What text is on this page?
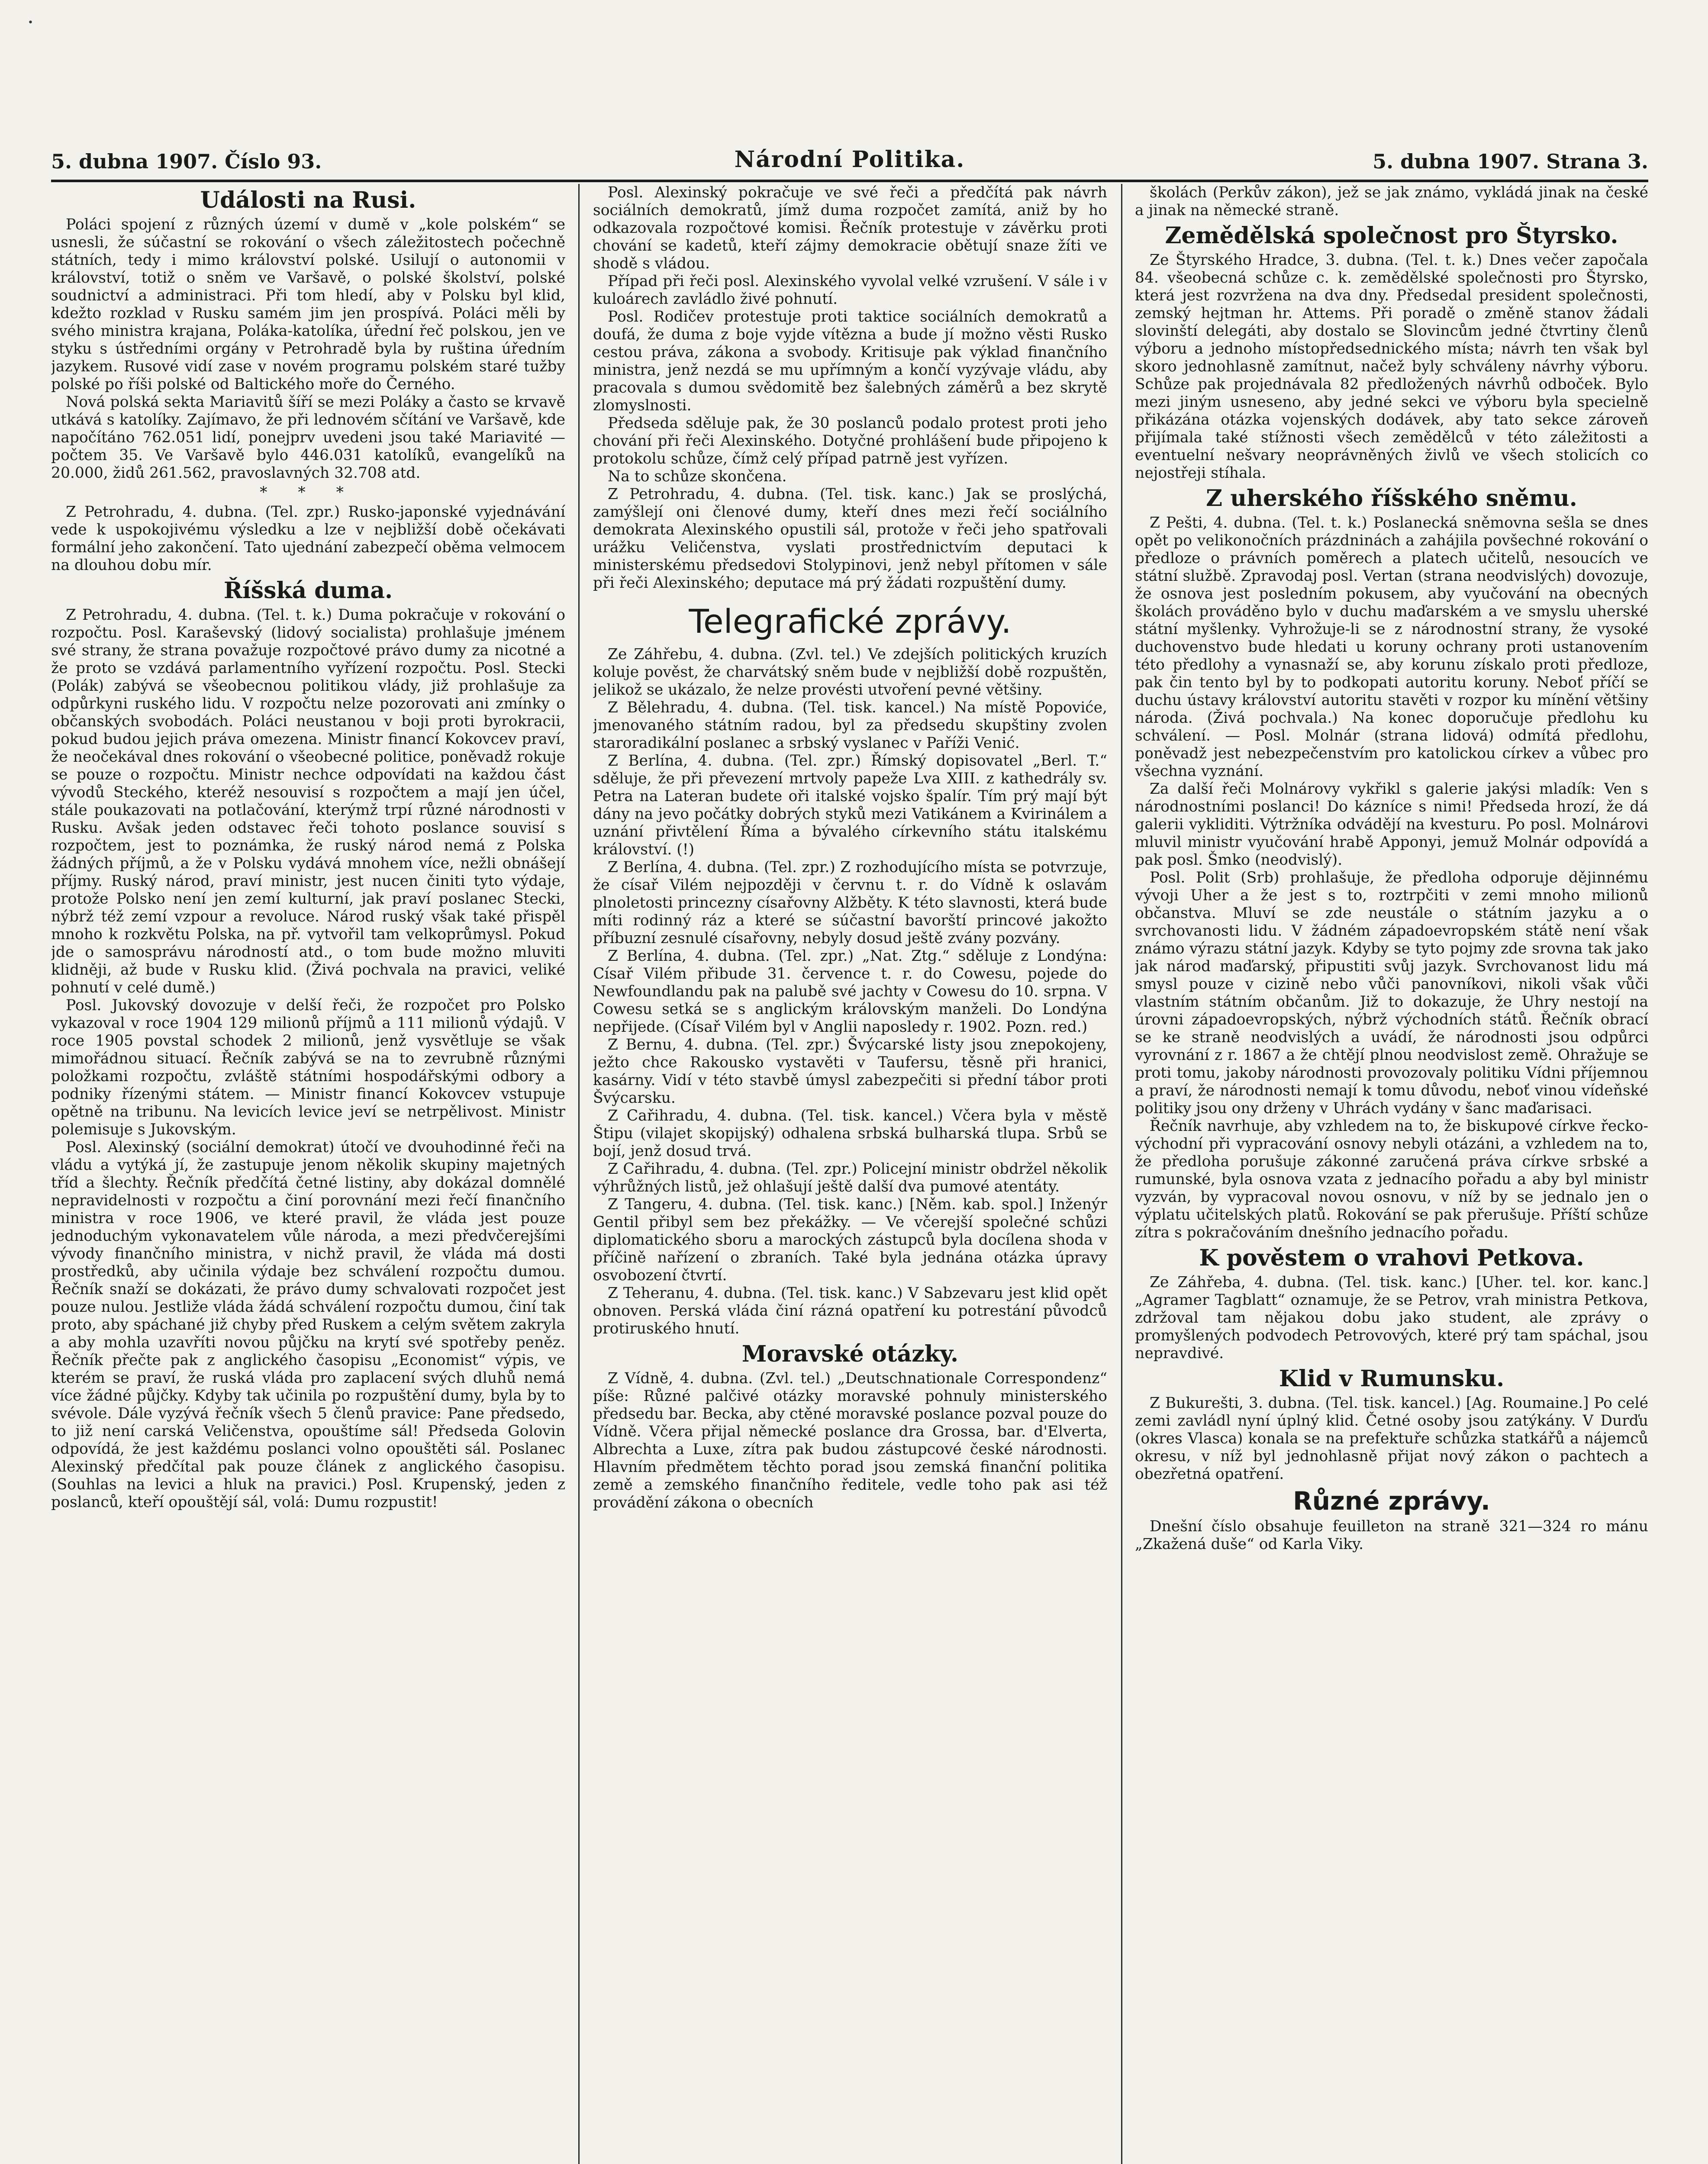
•
5. dubna 1907. Číslo 93.	Národní Politika.	5. dubna 1907. Strana 3.
Události na Rusi.

Poláci spojení z různých území v dumě v „kole polském“ se usnesli, že súčastní se rokování o všech záležitostech počechně státních, tedy i mimo království polské. Usilují o autonomii v království, totiž o sněm ve Varšavě, o polské školství, polské soudnictví a administraci. Při tom hledí, aby v Polsku byl klid, kdežto rozklad v Rusku samém jim jen prospívá. Poláci měli by svého ministra krajana, Poláka-katolíka, úřední řeč polskou, jen ve styku s ústředními orgány v Petrohradě byla by ruština úředním jazykem. Rusové vidí zase v novém programu polském staré tužby polské po říši polské od Baltického moře do Černého.

Nová polská sekta Mariavitů šíří se mezi Poláky a často se krvavě utkává s katolíky. Zajímavo, že při lednovém sčítání ve Varšavě, kde napočítáno 762.051 lidí, ponejprv uvedeni jsou také Mariavité — počtem 35. Ve Varšavě bylo 446.031 katolíků, evangelíků na 20.000, židů 261.562, pravoslavných 32.708 atd.

* * *

Z Petrohradu, 4. dubna. (Tel. zpr.) Rusko-japonské vyjednávání vede k uspokojivému výsledku a lze v nejbližší době očekávati formální jeho zakončení. Tato ujednání zabezpečí oběma velmocem na dlouhou dobu mír.

Říšská duma.

Z Petrohradu, 4. dubna. (Tel. t. k.) Duma pokračuje v rokování o rozpočtu. Posl. Karaševský (lidový socialista) prohlašuje jménem své strany, že strana považuje rozpočtové právo dumy za nicotné a že proto se vzdává parlamentního vyřízení rozpočtu. Posl. Stecki (Polák) zabývá se všeobecnou politikou vlády, již prohlašuje za odpůrkyni ruského lidu. V rozpočtu nelze pozorovati ani zmínky o občanských svobodách. Poláci neustanou v boji proti byrokracii, pokud budou jejich práva omezena. Ministr financí Kokovcev praví, že neočekával dnes rokování o všeobecné politice, poněvadž rokuje se pouze o rozpočtu. Ministr nechce odpovídati na každou část vývodů Steckého, kteréž nesouvisí s rozpočtem a mají jen účel, stále poukazovati na potlačování, kterýmž trpí různé národnosti v Rusku. Avšak jeden odstavec řeči tohoto poslance souvisí s rozpočtem, jest to poznámka, že ruský národ nemá z Polska žádných příjmů, a že v Polsku vydává mnohem více, nežli obnášejí příjmy. Ruský národ, praví ministr, jest nucen činiti tyto výdaje, protože Polsko není jen zemí kulturní, jak praví poslanec Stecki, nýbrž též zemí vzpour a revoluce. Národ ruský však také přispěl mnoho k rozkvětu Polska, na př. vytvořil tam velkoprůmysl. Pokud jde o samosprávu národností atd., o tom bude možno mluviti klidněji, až bude v Rusku klid. (Živá pochvala na pravici, veliké pohnutí v celé dumě.)

Posl. Jukovský dovozuje v delší řeči, že rozpočet pro Polsko vykazoval v roce 1904 129 milionů příjmů a 111 milionů výdajů. V roce 1905 povstal schodek 2 milionů, jenž vysvětluje se však mimořádnou situací. Řečník zabývá se na to zevrubně různými položkami rozpočtu, zvláště státními hospodářskými odbory a podniky řízenými státem. — Ministr financí Kokovcev vstupuje opětně na tribunu. Na levicích levice jeví se netrpělivost. Ministr polemisuje s Jukovským.

Posl. Alexinský (sociální demokrat) útočí ve dvouhodinné řeči na vládu a vytýká jí, že zastupuje jenom několik skupiny majetných tříd a šlechty. Řečník předčítá četné listiny, aby dokázal domnělé nepravidelnosti v rozpočtu a činí porovnání mezi řečí finančního ministra v roce 1906, ve které pravil, že vláda jest pouze jednoduchým vykonavatelem vůle národa, a mezi předvčerejšími vývody finančního ministra, v nichž pravil, že vláda má dosti prostředků, aby učinila výdaje bez schválení rozpočtu dumou. Řečník snaží se dokázati, že právo dumy schvalovati rozpočet jest pouze nulou. Jestliže vláda žádá schválení rozpočtu dumou, činí tak proto, aby spáchané již chyby před Ruskem a celým světem zakryla a aby mohla uzavříti novou půjčku na krytí své spotřeby peněz. Řečník přečte pak z anglického časopisu „Economist“ výpis, ve kterém se praví, že ruská vláda pro zaplacení svých dluhů nemá více žádné půjčky. Kdyby tak učinila po rozpuštění dumy, byla by to svévole. Dále vyzývá řečník všech 5 členů pravice: Pane předsedo, to již není carská Veličenstva, opouštíme sál! Předseda Golovin odpovídá, že jest každému poslanci volno opouštěti sál. Poslanec Alexinský předčítal pak pouze článek z anglického časopisu. (Souhlas na levici a hluk na pravici.) Posl. Krupenský, jeden z poslanců, kteří opouštějí sál, volá: Dumu rozpustit!

Posl. Alexinský pokračuje ve své řeči a předčítá pak návrh sociálních demokratů, jímž duma rozpočet zamítá, aniž by ho odkazovala rozpočtové komisi. Řečník protestuje v závěrku proti chování se kadetů, kteří zájmy demokracie obětují snaze žíti ve shodě s vládou.

Případ při řeči posl. Alexinského vyvolal velké vzrušení. V sále i v kuloárech zavládlo živé pohnutí.

Posl. Rodičev protestuje proti taktice sociálních demokratů a doufá, že duma z boje vyjde vítězna a bude jí možno věsti Rusko cestou práva, zákona a svobody. Kritisuje pak výklad finančního ministra, jenž nezdá se mu upřímným a končí vyzývaje vládu, aby pracovala s dumou svědomitě bez šalebných záměrů a bez skrytě zlomyslnosti.

Předseda sděluje pak, že 30 poslanců podalo protest proti jeho chování při řeči Alexinského. Dotyčné prohlášení bude připojeno k protokolu schůze, čímž celý případ patrně jest vyřízen.

Na to schůze skončena.

Z Petrohradu, 4. dubna. (Tel. tisk. kanc.) Jak se proslýchá, zamýšlejí oni členové dumy, kteří dnes mezi řečí sociálního demokrata Alexinského opustili sál, protože v řeči jeho spatřovali urážku Veličenstva, vyslati prostřednictvím deputaci k ministerskému předsedovi Stolypinovi, jenž nebyl přítomen v sále při řeči Alexinského; deputace má prý žádati rozpuštění dumy.

Telegrafické zprávy.

Ze Záhřebu, 4. dubna. (Zvl. tel.) Ve zdejších politických kruzích koluje pověst, že charvátský sněm bude v nejbližší době rozpuštěn, jelikož se ukázalo, že nelze provésti utvoření pevné většiny.

Z Bělehradu, 4. dubna. (Tel. tisk. kancel.) Na místě Popoviće, jmenovaného státním radou, byl za předsedu skupštiny zvolen staroradikální poslanec a srbský vyslanec v Paříži Venić.

Z Berlína, 4. dubna. (Tel. zpr.) Římský dopisovatel „Berl. T.“ sděluje, že při převezení mrtvoly papeže Lva XIII. z kathedrály sv. Petra na Lateran budete oři italské vojsko špalír. Tím prý mají být dány na jevo počátky dobrých styků mezi Vatikánem a Kvirinálem a uznání přivtělení Říma a bývalého církevního státu italskému království. (!)

Z Berlína, 4. dubna. (Tel. zpr.) Z rozhodujícího místa se potvrzuje, že císař Vilém nejpozději v červnu t. r. do Vídně k oslavám plnoletosti princezny císařovny Alžběty. K této slavnosti, která bude míti rodinný ráz a které se súčastní bavorští princové jakožto příbuzní zesnulé císařovny, nebyly dosud ještě zvány pozvány.

Z Berlína, 4. dubna. (Tel. zpr.) „Nat. Ztg.“ sděluje z Londýna: Císař Vilém přibude 31. července t. r. do Cowesu, pojede do Newfoundlandu pak na palubě své jachty v Cowesu do 10. srpna. V Cowesu setká se s anglickým královským manželi. Do Londýna nepřijede. (Císař Vilém byl v Anglii naposledy r. 1902. Pozn. red.)

Z Bernu, 4. dubna. (Tel. zpr.) Švýcarské listy jsou znepokojeny, ježto chce Rakousko vystavěti v Taufersu, těsně při hranici, kasárny. Vidí v této stavbě úmysl zabezpečiti si přední tábor proti Švýcarsku.

Z Cařihradu, 4. dubna. (Tel. tisk. kancel.) Včera byla v městě Štipu (vilajet skopijský) odhalena srbská bulharská tlupa. Srbů se bojí, jenž dosud trvá.

Z Cařihradu, 4. dubna. (Tel. zpr.) Policejní ministr obdržel několik výhrůžných listů, jež ohlašují ještě další dva pumové atentáty.

Z Tangeru, 4. dubna. (Tel. tisk. kanc.) [Něm. kab. spol.] Inženýr Gentil přibyl sem bez překážky. — Ve včerejší společné schůzi diplomatického sboru a marockých zástupců byla docílena shoda v příčině nařízení o zbraních. Také byla jednána otázka úpravy osvobození čtvrtí.

Z Teheranu, 4. dubna. (Tel. tisk. kanc.) V Sabzevaru jest klid opět obnoven. Perská vláda činí rázná opatření ku potrestání původců protiruského hnutí.

Moravské otázky.

Z Vídně, 4. dubna. (Zvl. tel.) „Deutschnationale Correspondenz“ píše: Různé palčivé otázky moravské pohnuly ministerského předsedu bar. Becka, aby ctěné moravské poslance pozval pouze do Vídně. Včera přijal německé poslance dra Grossa, bar. d'Elverta, Albrechta a Luxe, zítra pak budou zástupcové české národnosti. Hlavním předmětem těchto porad jsou zemská finanční politika země a zemského finančního ředitele, vedle toho pak asi též provádění zákona o obecních

školách (Perkův zákon), jež se jak známo, vykládá jinak na české a jinak na německé straně.

Zemědělská společnost pro Štyrsko.

Ze Štyrského Hradce, 3. dubna. (Tel. t. k.) Dnes večer započala 84. všeobecná schůze c. k. zemědělské společnosti pro Štyrsko, která jest rozvržena na dva dny. Předsedal president společnosti, zemský hejtman hr. Attems. Při poradě o změně stanov žádali slovinští delegáti, aby dostalo se Slovincům jedné čtvrtiny členů výboru a jednoho místopředsednického místa; návrh ten však byl skoro jednohlasně zamítnut, načež byly schváleny návrhy výboru. Schůze pak projednávala 82 předložených návrhů odboček. Bylo mezi jiným usneseno, aby jedné sekci ve výboru byla specielně přikázána otázka vojenských dodávek, aby tato sekce zároveň přijímala také stížnosti všech zemědělců v této záležitosti a eventuelní nešvary neoprávněných živlů ve všech stolicích co nejostřeji stíhala.

Z uherského říšského sněmu.

Z Pešti, 4. dubna. (Tel. t. k.) Poslanecká sněmovna sešla se dnes opět po velikonočních prázdninách a zahájila povšechné rokování o předloze o právních poměrech a platech učitelů, nesoucích ve státní službě. Zpravodaj posl. Vertan (strana neodvislých) dovozuje, že osnova jest posledním pokusem, aby vyučování na obecných školách prováděno bylo v duchu maďarském a ve smyslu uherské státní myšlenky. Vyhrožuje-li se z národnostní strany, že vysoké duchovenstvo bude hledati u koruny ochrany proti ustanovením této předlohy a vynasnaží se, aby korunu získalo proti předloze, pak čin tento byl by to podkopati autoritu koruny. Neboť příčí se duchu ústavy království autoritu stavěti v rozpor ku mínění většiny národa. (Živá pochvala.) Na konec doporučuje předlohu ku schválení. — Posl. Molnár (strana lidová) odmítá předlohu, poněvadž jest nebezpečenstvím pro katolickou církev a vůbec pro všechna vyznání.

Za další řeči Molnárovy vykřikl s galerie jakýsi mladík: Ven s národnostními poslanci! Do kázníce s nimi! Předseda hrozí, že dá galerii vykliditi. Výtržníka odvádějí na kvesturu. Po posl. Molnárovi mluvil ministr vyučování hrabě Apponyi, jemuž Molnár odpovídá a pak posl. Šmko (neodvislý).

Posl. Polit (Srb) prohlašuje, že předloha odporuje dějinnému vývoji Uher a že jest s to, roztrpčiti v zemi mnoho milionů občanstva. Mluví se zde neustále o státním jazyku a o svrchovanosti lidu. V žádném západoevropském státě není však známo výrazu státní jazyk. Kdyby se tyto pojmy zde srovna tak jako jak národ maďarský, připustiti svůj jazyk. Svrchovanost lidu má smysl pouze v cizině nebo vůči panovníkovi, nikoli však vůči vlastním státním občanům. Již to dokazuje, že Uhry nestojí na úrovni západoevropských, nýbrž východních států. Řečník obrací se ke straně neodvislých a uvádí, že národnosti jsou odpůrci vyrovnání z r. 1867 a že chtějí plnou neodvislost země. Ohražuje se proti tomu, jakoby národnosti provozovaly politiku Vídni příjemnou a praví, že národnosti nemají k tomu důvodu, neboť vinou vídeňské politiky jsou ony drženy v Uhrách vydány v šanc maďarisaci.

Řečník navrhuje, aby vzhledem na to, že biskupové církve řecko-východní při vypracování osnovy nebyli otázáni, a vzhledem na to, že předloha porušuje zákonné zaručená práva církve srbské a rumunské, byla osnova vzata z jednacího pořadu a aby byl ministr vyzván, by vypracoval novou osnovu, v níž by se jednalo jen o výplatu učitelských platů. Rokování se pak přerušuje. Příští schůze zítra s pokračováním dnešního jednacího pořadu.

K pověstem o vrahovi Petkova.

Ze Záhřeba, 4. dubna. (Tel. tisk. kanc.) [Uher. tel. kor. kanc.] „Agramer Tagblatt“ oznamuje, že se Petrov, vrah ministra Petkova, zdržoval tam nějakou dobu jako student, ale zprávy o promyšlených podvodech Petrovových, které prý tam spáchal, jsou nepravdivé.

Klid v Rumunsku.

Z Bukurešti, 3. dubna. (Tel. tisk. kancel.) [Ag. Roumaine.] Po celé zemi zavládl nyní úplný klid. Četné osoby jsou zatýkány. V Durďu (okres Vlasca) konala se na prefektuře schůzka statkářů a nájemců okresu, v níž byl jednohlasně přijat nový zákon o pachtech a obezřetná opatření.

Různé zprávy.

Dnešní číslo obsahuje feuilleton na straně 321—324 ro mánu „Zkažená duše“ od Karla Viky.
